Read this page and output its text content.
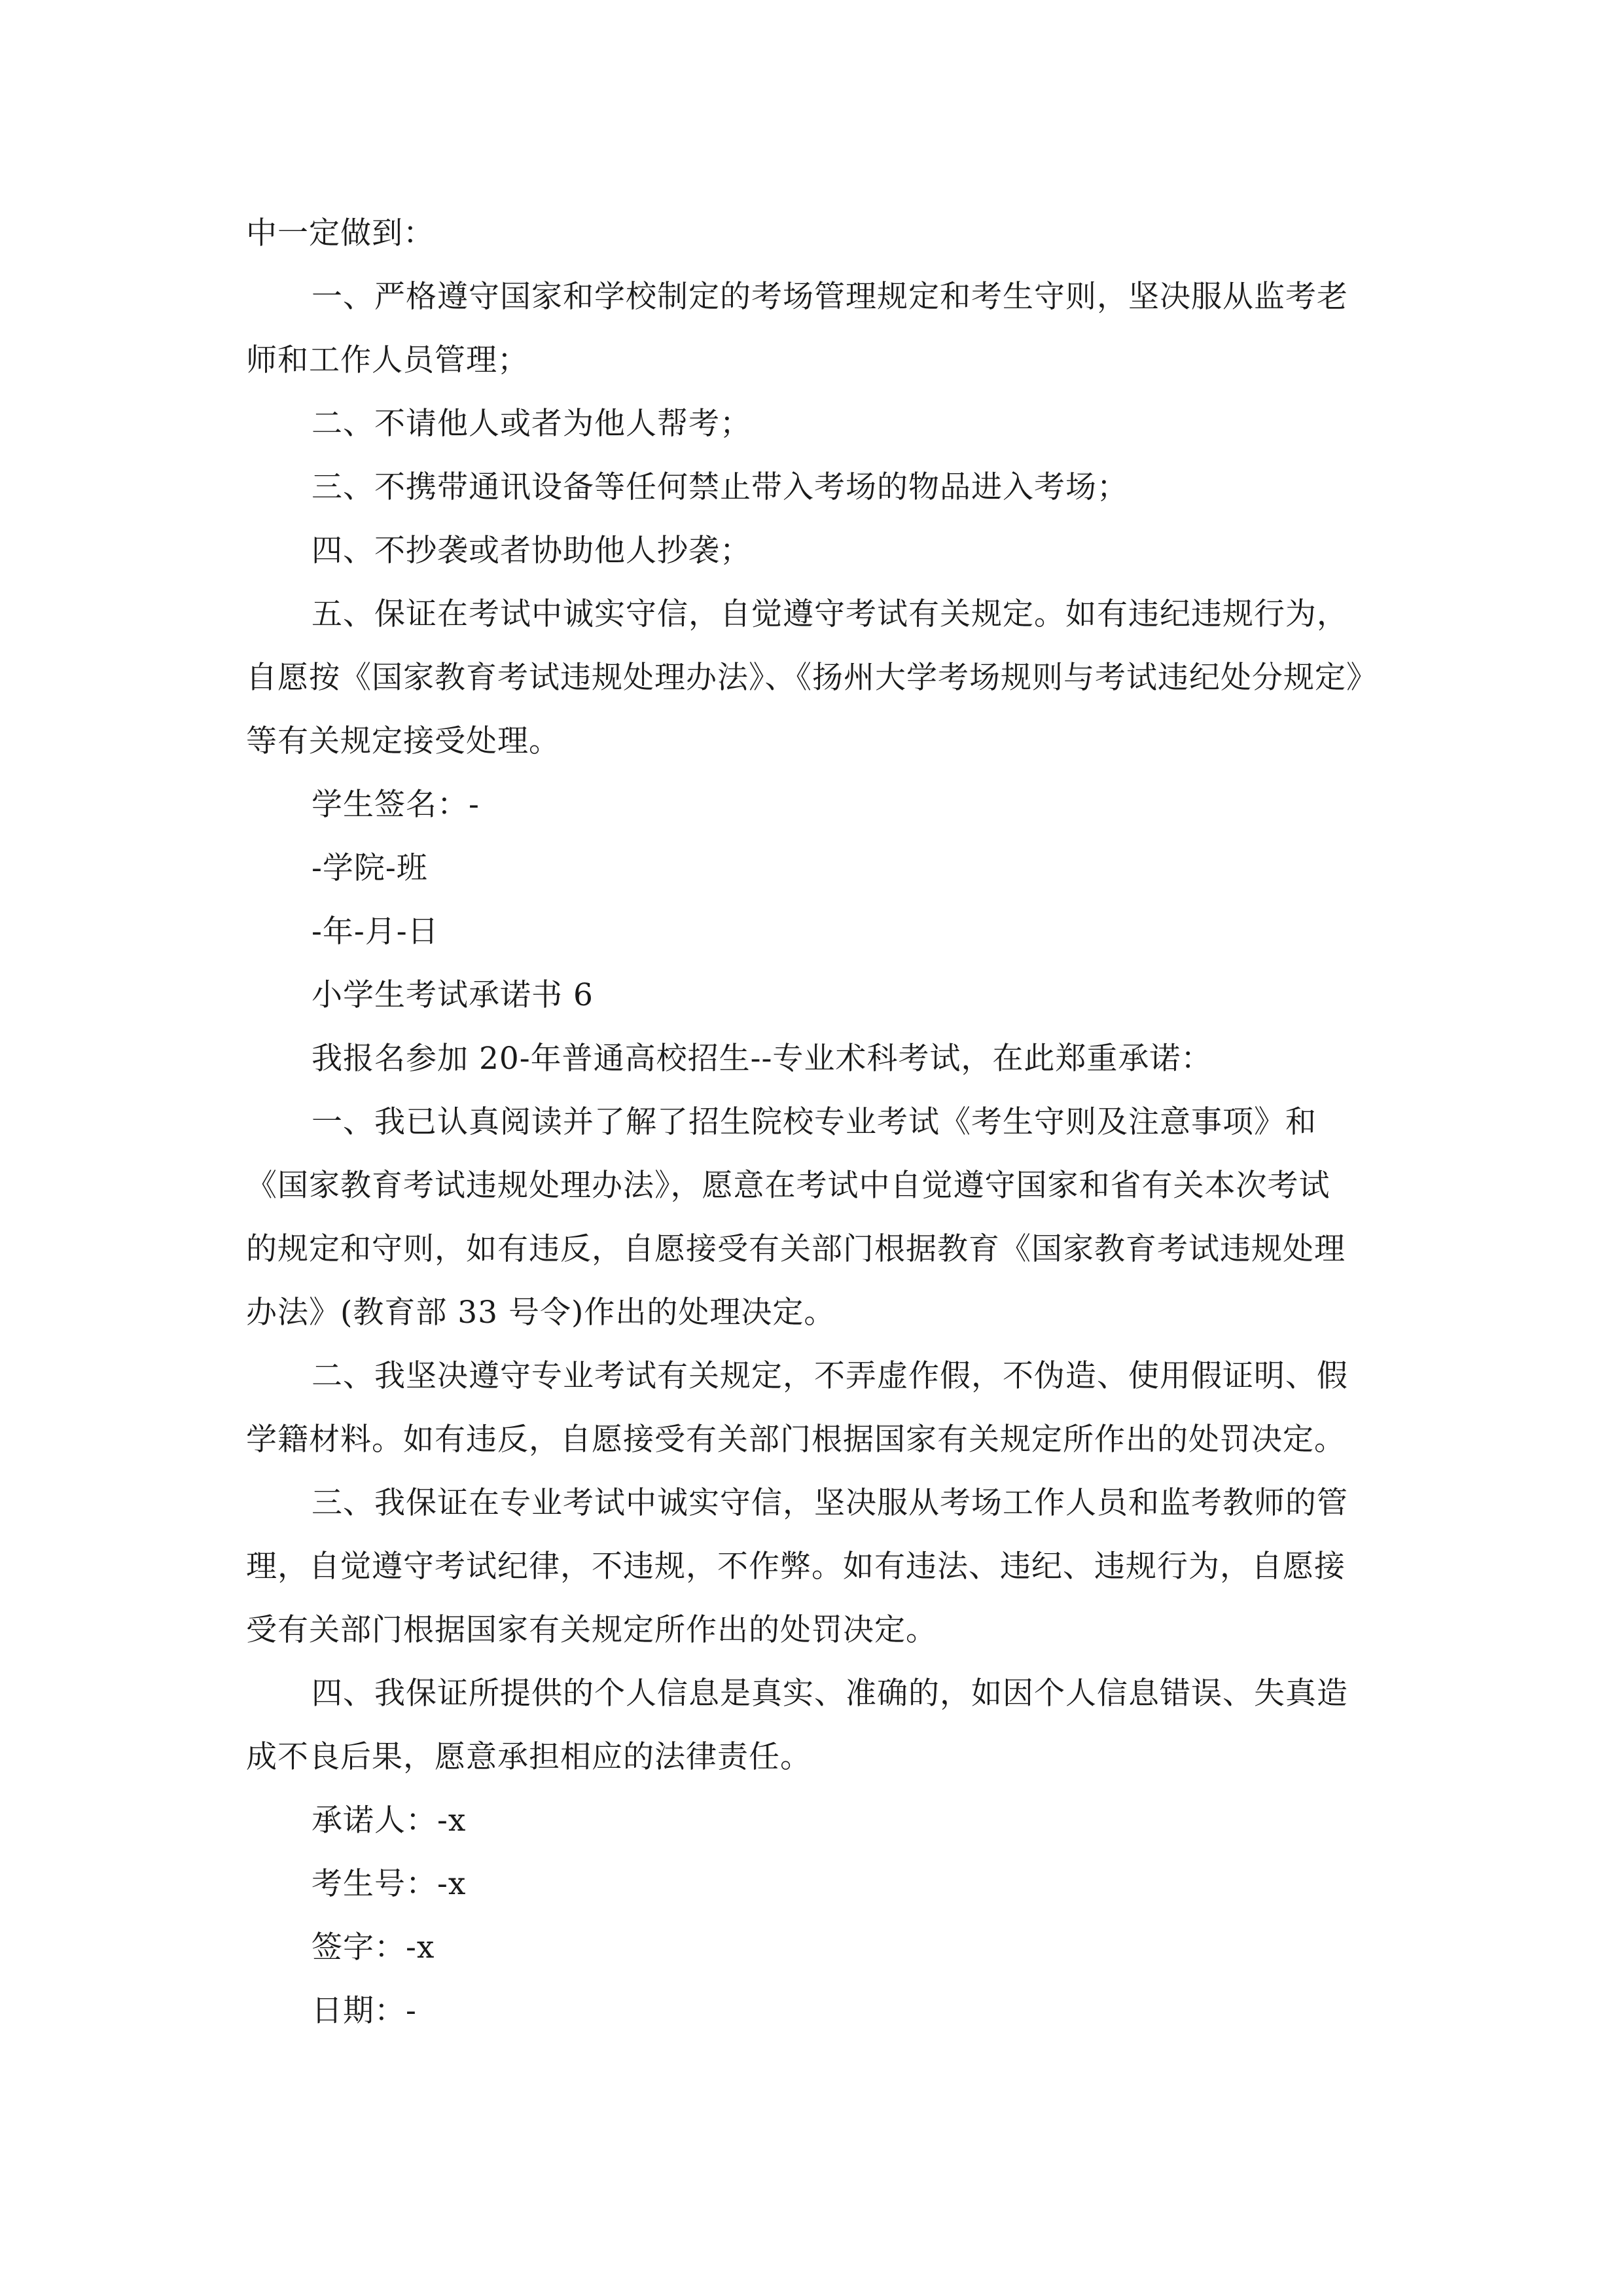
中一定做到：
一、严格遵守国家和学校制定的考场管理规定和考生守则，坚决服从监考老
师和工作人员管理；
二、不请他人或者为他人帮考；
三、不携带通讯设备等任何禁止带入考场的物品进入考场；
四、不抄袭或者协助他人抄袭；
五、保证在考试中诚实守信，自觉遵守考试有关规定。如有违纪违规行为，
自愿按《国家教育考试违规处理办法》、《扬州大学考场规则与考试违纪处分规定》
等有关规定接受处理。
学生签名：-
-学院-班
-年-月-日
小学生考试承诺书 6
我报名参加 20-年普通高校招生--专业术科考试，在此郑重承诺：
一、我已认真阅读并了解了招生院校专业考试《考生守则及注意事项》和
《国家教育考试违规处理办法》，愿意在考试中自觉遵守国家和省有关本次考试
的规定和守则，如有违反，自愿接受有关部门根据教育《国家教育考试违规处理
办法》(教育部 33 号令)作出的处理决定。
二、我坚决遵守专业考试有关规定，不弄虚作假，不伪造、使用假证明、假
学籍材料。如有违反，自愿接受有关部门根据国家有关规定所作出的处罚决定。
三、我保证在专业考试中诚实守信，坚决服从考场工作人员和监考教师的管
理，自觉遵守考试纪律，不违规，不作弊。如有违法、违纪、违规行为，自愿接
受有关部门根据国家有关规定所作出的处罚决定。
四、我保证所提供的个人信息是真实、准确的，如因个人信息错误、失真造
成不良后果，愿意承担相应的法律责任。
承诺人：-x
考生号：-x
签字：-x
日期：-
